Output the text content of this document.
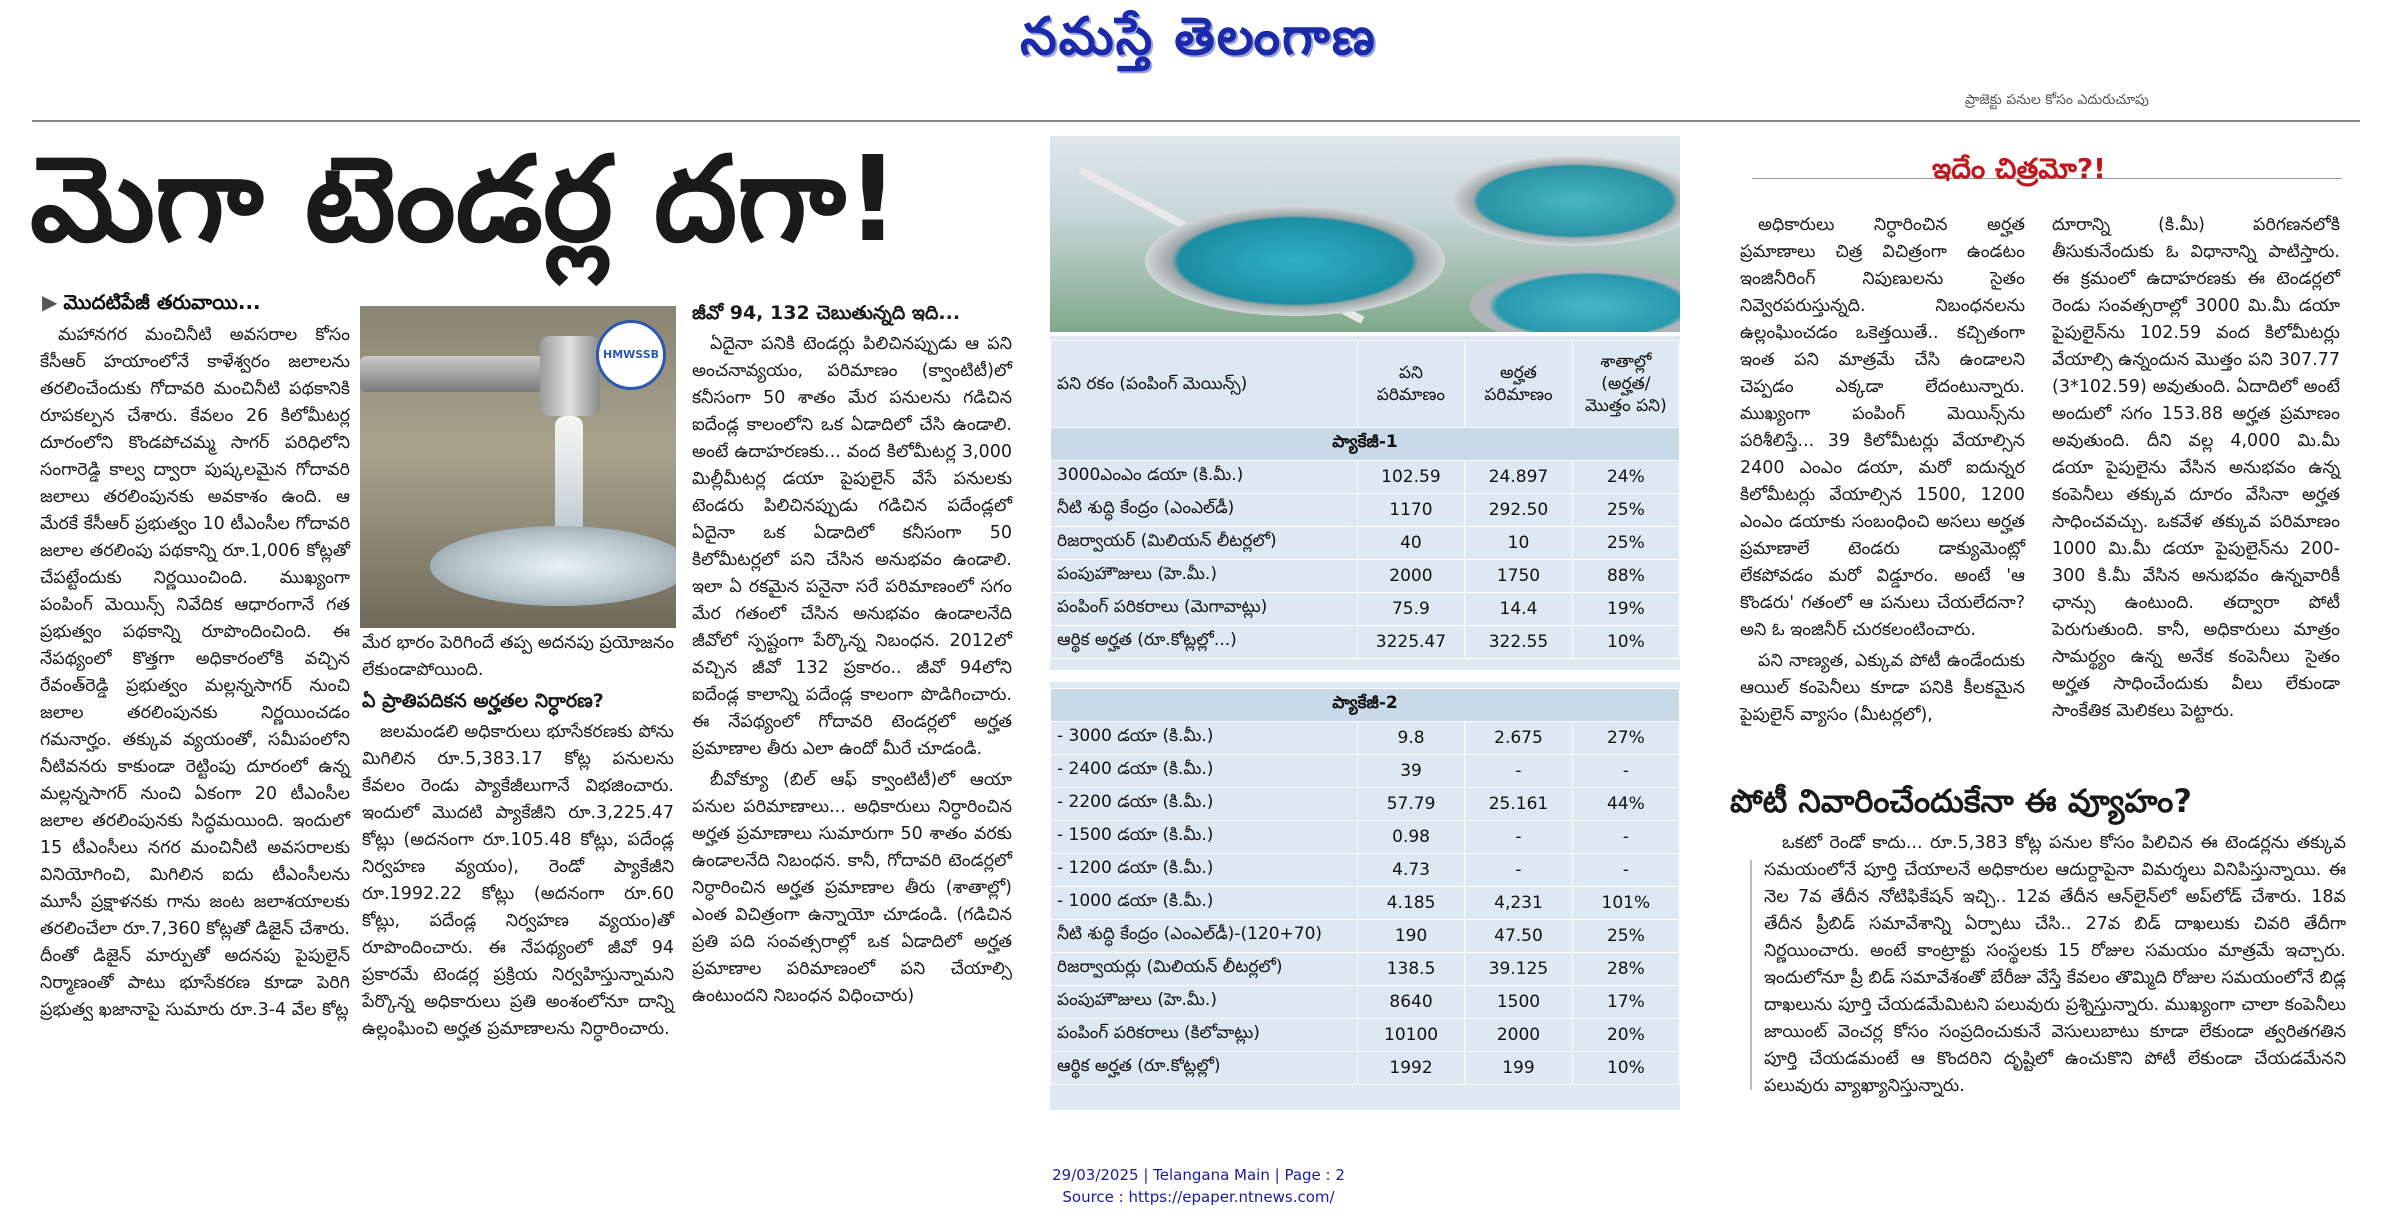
నమస్తే తెలంగాణ
ప్రాజెక్టు పనుల కోసం ఎదురుచూపు
మెగా టెండర్ల దగా!
▶ మొదటిపేజీ తరువాయి...

మహానగర మంచినీటి అవసరాల కోసం కేసీఆర్ హయాంలోనే కాళేశ్వరం జలాలను తరలించేందుకు గోదావరి మంచినీటి పథకానికి రూపకల్పన చేశారు. కేవలం 26 కిలోమీటర్ల దూరంలోని కొండపోచమ్మ సాగర్ పరిధిలోని సంగారెడ్డి కాల్వ ద్వారా పుష్కలమైన గోదావరి జలాలు తరలింపునకు అవకాశం ఉంది. ఆ మేరకే కేసీఆర్ ప్రభుత్వం 10 టీఎంసీల గోదావరి జలాల తరలింపు పథకాన్ని రూ.1,006 కోట్లతో చేపట్టేందుకు నిర్ణయించింది. ముఖ్యంగా పంపింగ్ మెయిన్స్ నివేదిక ఆధారంగానే గత ప్రభుత్వం పథకాన్ని రూపొందించింది. ఈ నేపథ్యంలో కొత్తగా అధికారంలోకి వచ్చిన రేవంత్‌రెడ్డి ప్రభుత్వం మల్లన్నసాగర్ నుంచి జలాల తరలింపునకు నిర్ణయించడం గమనార్హం. తక్కువ వ్యయంతో, సమీపంలోని నీటివనరు కాకుండా రెట్టింపు దూరంలో ఉన్న మల్లన్నసాగర్ నుంచి ఏకంగా 20 టీఎంసీల జలాల తరలింపునకు సిద్ధమయింది. ఇందులో 15 టీఎంసీలు నగర మంచినీటి అవసరాలకు వినియోగించి, మిగిలిన ఐదు టీఎంసీలను మూసీ ప్రక్షాళనకు గాను జంట జలాశయాలకు తరలించేలా రూ.7,360 కోట్లతో డిజైన్ చేశారు. దీంతో డిజైన్ మార్పుతో అదనపు పైపులైన్ నిర్మాణంతో పాటు భూసేకరణ కూడా పెరిగి ప్రభుత్వ ఖజానాపై సుమారు రూ.3-4 వేల కోట్ల

HMWSSB

మేర భారం పెరిగిందే తప్ప అదనపు ప్రయోజనం లేకుండాపోయింది.

ఏ ప్రాతిపదికన అర్హతల నిర్ధారణ?

జలమండలి అధికారులు భూసేకరణకు పోను మిగిలిన రూ.5,383.17 కోట్ల పనులను కేవలం రెండు ప్యాకేజీలుగానే విభజించారు. ఇందులో మొదటి ప్యాకేజీని రూ.3,225.47 కోట్లు (అదనంగా రూ.105.48 కోట్లు, పదేండ్ల నిర్వహణ వ్యయం), రెండో ప్యాకేజీని రూ.1992.22 కోట్లు (అదనంగా రూ.60 కోట్లు, పదేండ్ల నిర్వహణ వ్యయం)తో రూపొందించారు. ఈ నేపథ్యంలో జీవో 94 ప్రకారమే టెండర్ల ప్రక్రియ నిర్వహిస్తున్నామని పేర్కొన్న అధికారులు ప్రతి అంశంలోనూ దాన్ని ఉల్లంఘించి అర్హత ప్రమాణాలను నిర్ధారించారు.

జీవో 94, 132 చెబుతున్నది ఇది...

ఏదైనా పనికి టెండర్లు పిలిచినప్పుడు ఆ పని అంచనావ్యయం, పరిమాణం (క్వాంటిటీ)లో కనీసంగా 50 శాతం మేర పనులను గడిచిన ఐదేండ్ల కాలంలోని ఒక ఏడాదిలో చేసి ఉండాలి. అంటే ఉదాహరణకు... వంద కిలోమీటర్ల 3,000 మిల్లీమీటర్ల డయా పైపులైన్ వేసే పనులకు టెండరు పిలిచినప్పుడు గడిచిన పదేండ్లలో ఏదైనా ఒక ఏడాదిలో కనీసంగా 50 కిలోమీటర్లలో పని చేసిన అనుభవం ఉండాలి. ఇలా ఏ రకమైన పనైనా సరే పరిమాణంలో సగం మేర గతంలో చేసిన అనుభవం ఉండాలనేది జీవోలో స్పష్టంగా పేర్కొన్న నిబంధన. 2012లో వచ్చిన జీవో 132 ప్రకారం.. జీవో 94లోని ఐదేండ్ల కాలాన్ని పదేండ్ల కాలంగా పొడిగించారు. ఈ నేపథ్యంలో గోదావరి టెండర్లలో అర్హత ప్రమాణాల తీరు ఎలా ఉందో మీరే చూడండి.

బీవోక్యూ (బిల్ ఆఫ్ క్వాంటిటీ)లో ఆయా పనుల పరిమాణాలు... అధికారులు నిర్ధారించిన అర్హత ప్రమాణాలు సుమారుగా 50 శాతం వరకు ఉండాలనేది నిబంధన. కానీ, గోదావరి టెండర్లలో నిర్ధారించిన అర్హత ప్రమాణాల తీరు (శాతాల్లో) ఎంత విచిత్రంగా ఉన్నాయో చూడండి. (గడిచిన ప్రతి పది సంవత్సరాల్లో ఒక ఏడాదిలో అర్హత ప్రమాణాల పరిమాణంలో పని చేయాల్సి ఉంటుందని నిబంధన విధించారు)

పని రకం (పంపింగ్ మెయిన్స్)	పని పరిమాణం	అర్హత పరిమాణం	శాతాల్లో (అర్హత/ మొత్తం పని)
ప్యాకేజీ-1			
3000ఎంఎం డయా (కి.మీ.)	102.59	24.897	24%
నీటి శుద్ధి కేంద్రం (ఎంఎల్‌డీ)	1170	292.50	25%
రిజర్వాయర్ (మిలియన్ లీటర్లలో)	40	10	25%
పంపుహౌజులు (హె.మీ.)	2000	1750	88%
పంపింగ్ పరికరాలు (మెగావాట్లు)	75.9	14.4	19%
ఆర్థిక అర్హత (రూ.కోట్లల్లో...)	3225.47	322.55	10%
ప్యాకేజీ-2			
- 3000 డయా (కి.మీ.)	9.8	2.675	27%
- 2400 డయా (కి.మీ.)	39	-	-
- 2200 డయా (కి.మీ.)	57.79	25.161	44%
- 1500 డయా (కి.మీ.)	0.98	-	-
- 1200 డయా (కి.మీ.)	4.73	-	-
- 1000 డయా (కి.మీ.)	4.185	4,231	101%
నీటి శుద్ధి కేంద్రం (ఎంఎల్‌డీ)-(120+70)	190	47.50	25%
రిజర్వాయర్లు (మిలియన్ లీటర్లలో)	138.5	39.125	28%
పంపుహౌజులు (హె.మీ.)	8640	1500	17%
పంపింగ్ పరికరాలు (కిలోవాట్లు)	10100	2000	20%
ఆర్థిక అర్హత (రూ.కోట్లల్లో)	1992	199	10%
ఇదేం చిత్రమో?!

అధికారులు నిర్ధారించిన అర్హత ప్రమాణాలు చిత్ర విచిత్రంగా ఉండటం ఇంజినీరింగ్ నిపుణులను సైతం నివ్వెరపరుస్తున్నది. నిబంధనలను ఉల్లంఘించడం ఒకెత్తయితే.. కచ్చితంగా ఇంత పని మాత్రమే చేసి ఉండాలని చెప్పడం ఎక్కడా లేదంటున్నారు. ముఖ్యంగా పంపింగ్ మెయిన్స్‌ను పరిశీలిస్తే... 39 కిలోమీటర్లు వేయాల్సిన 2400 ఎంఎం డయా, మరో ఐదున్నర కిలోమీటర్లు వేయాల్సిన 1500, 1200 ఎంఎం డయాకు సంబంధించి అసలు అర్హత ప్రమాణాలే టెండరు డాక్యుమెంట్లో లేకపోవడం మరో విడ్డూరం. అంటే 'ఆ కొండరు' గతంలో ఆ పనులు చేయలేదనా? అని ఓ ఇంజినీర్ చురకలంటించారు.

పని నాణ్యత, ఎక్కువ పోటీ ఉండేందుకు ఆయిల్ కంపెనీలు కూడా పనికి కీలకమైన పైపులైన్ వ్యాసం (మీటర్లలో),

దూరాన్ని (కి.మీ) పరిగణనలోకి తీసుకునేందుకు ఓ విధానాన్ని పాటిస్తారు. ఈ క్రమంలో ఉదాహరణకు ఈ టెండర్లలో రెండు సంవత్సరాల్లో 3000 మి.మీ డయా పైపులైన్‌ను 102.59 వంద కిలోమీటర్లు వేయాల్సి ఉన్నందున మొత్తం పని 307.77 (3*102.59) అవుతుంది. ఏదాదిలో అంటే అందులో సగం 153.88 అర్హత ప్రమాణం అవుతుంది. దీని వల్ల 4,000 మి.మీ డయా పైపులైను వేసిన అనుభవం ఉన్న కంపెనీలు తక్కువ దూరం వేసినా అర్హత సాధించవచ్చు. ఒకవేళ తక్కువ పరిమాణం 1000 మి.మీ డయా పైపులైన్‌ను 200-300 కి.మీ వేసిన అనుభవం ఉన్నవారికీ ఛాన్సు ఉంటుంది. తద్వారా పోటీ పెరుగుతుంది. కానీ, అధికారులు మాత్రం సామర్థ్యం ఉన్న అనేక కంపెనీలు సైతం అర్హత సాధించేందుకు వీలు లేకుండా సాంకేతిక మెలికలు పెట్టారు.

పోటీ నివారించేందుకేనా ఈ వ్యూహం?

ఒకటో రెండో కాదు... రూ.5,383 కోట్ల పనుల కోసం పిలిచిన ఈ టెండర్లను తక్కువ సమయంలోనే పూర్తి చేయాలనే అధికారుల ఆదుర్దాపైనా విమర్శలు వినిపిస్తున్నాయి. ఈ నెల 7వ తేదీన నోటిఫికేషన్ ఇచ్చి.. 12వ తేదీన ఆన్‌లైన్‌లో అప్‌లోడ్ చేశారు. 18వ తేదీన ప్రీబిడ్ సమావేశాన్ని ఏర్పాటు చేసి.. 27వ బిడ్ దాఖలుకు చివరి తేదీగా నిర్ణయించారు. అంటే కాంట్రాక్టు సంస్థలకు 15 రోజుల సమయం మాత్రమే ఇచ్చారు. ఇందులోనూ ప్రీ బిడ్ సమావేశంతో బేరీజు వేస్తే కేవలం తొమ్మిది రోజుల సమయంలోనే బిడ్ల దాఖలును పూర్తి చేయడమేమిటని పలువురు ప్రశ్నిస్తున్నారు. ముఖ్యంగా చాలా కంపెనీలు జాయింట్ వెంచర్ల కోసం సంప్రదించుకునే వెసులుబాటు కూడా లేకుండా త్వరితగతిన పూర్తి చేయడమంటే ఆ కొందరిని దృష్టిలో ఉంచుకొని పోటీ లేకుండా చేయడమేనని పలువురు వ్యాఖ్యానిస్తున్నారు.

29/03/2025 | Telangana Main | Page : 2
Source : https://epaper.ntnews.com/
